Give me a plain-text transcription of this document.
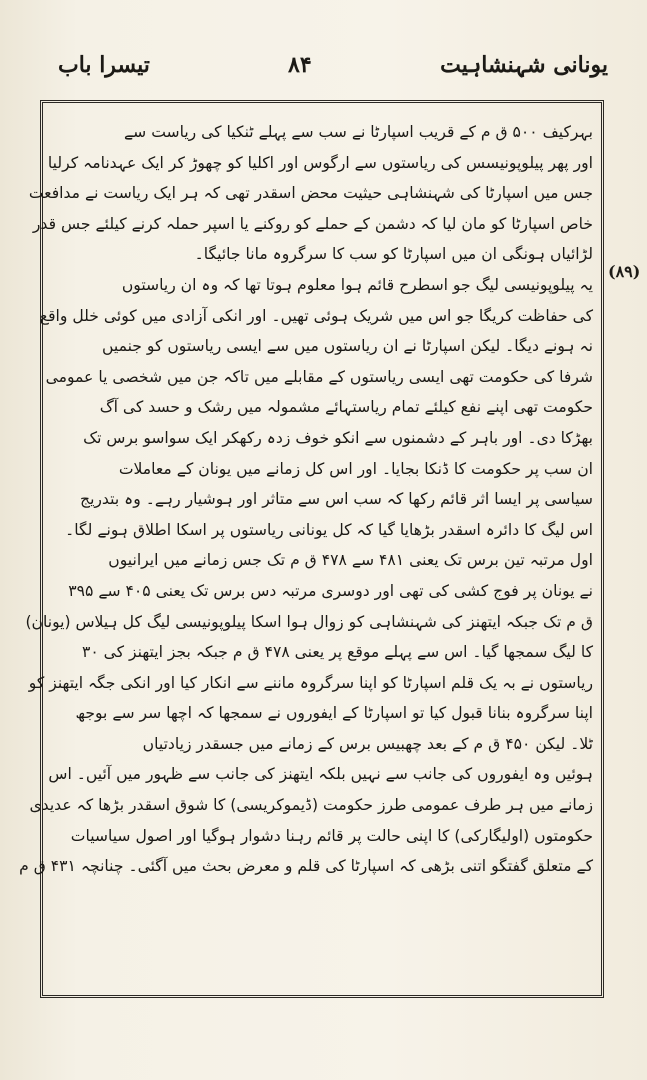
تیسرا باب	۸۴	یونانی شہنشاہیت
بہرکیف ۵۰۰ ق م کے قریب اسپارٹا نے سب سے پہلے ٹنکیا کی ریاست سے
اور پھر پیلوپونیسس کی ریاستوں سے ارگوس اور اکلیا کو چھوڑ کر ایک عہدنامہ کرلیا
جس میں اسپارٹا کی شہنشاہی حیثیت محض اسقدر تھی کہ ہر ایک ریاست نے مدافعت
خاص اسپارٹا کو مان لیا کہ دشمن کے حملے کو روکنے یا اسپر حملہ کرنے کیلئے جس قدر
لڑائیاں ہونگی ان میں اسپارٹا کو سب کا سرگروہ مانا جائیگا۔
یہ پیلوپونیسی لیگ جو اسطرح قائم ہوا معلوم ہوتا تھا کہ وہ ان ریاستوں
کی حفاظت کریگا جو اس میں شریک ہوئی تھیں۔ اور انکی آزادی میں کوئی خلل واقع
نہ ہونے دیگا۔ لیکن اسپارٹا نے ان ریاستوں میں سے ایسی ریاستوں کو جنمیں
شرفا کی حکومت تھی ایسی ریاستوں کے مقابلے میں تاکہ جن میں شخصی یا عمومی
حکومت تھی اپنے نفع کیلئے تمام ریاستہائے مشمولہ میں رشک و حسد کی آگ
بھڑکا دی۔ اور باہر کے دشمنوں سے انکو خوف زدہ رکھکر ایک سواسو برس تک
ان سب پر حکومت کا ڈنکا بجایا۔ اور اس کل زمانے میں یونان کے معاملات
سیاسی پر ایسا اثر قائم رکھا کہ سب اس سے متاثر اور ہوشیار رہے۔ وہ بتدریج
اس لیگ کا دائرہ اسقدر بڑھایا گیا کہ کل یونانی ریاستوں پر اسکا اطلاق ہونے لگا۔
اول مرتبہ تین برس تک یعنی ۴۸۱ سے ۴۷۸ ق م تک جس زمانے میں ایرانیوں
نے یونان پر فوج کشی کی تھی اور دوسری مرتبہ دس برس تک یعنی ۴۰۵ سے ۳۹۵
ق م تک جبکہ ایتھنز کی شہنشاہی کو زوال ہوا اسکا پیلوپونیسی لیگ کل ہیلاس (یونان)
کا لیگ سمجھا گیا۔ اس سے پہلے موقع پر یعنی ۴۷۸ ق م جبکہ بجز ایتھنز کی ۳۰
ریاستوں نے بہ یک قلم اسپارٹا کو اپنا سرگروہ ماننے سے انکار کیا اور انکی جگہ ایتھنز کو
اپنا سرگروہ بنانا قبول کیا تو اسپارٹا کے ایفوروں نے سمجھا کہ اچھا سر سے بوجھ
ٹلا۔ لیکن ۴۵۰ ق م کے بعد چھبیس برس کے زمانے میں جسقدر زیادتیاں
ہوئیں وہ ایفوروں کی جانب سے نہیں بلکہ ایتھنز کی جانب سے ظہور میں آئیں۔ اس
زمانے میں ہر طرف عمومی طرز حکومت (ڈیموکریسی) کا شوق اسقدر بڑھا کہ عدیدی
حکومتوں (اولیگارکی) کا اپنی حالت پر قائم رہنا دشوار ہوگیا اور اصول سیاسیات
کے متعلق گفتگو اتنی بڑھی کہ اسپارٹا کی قلم و معرض بحث میں آگئی۔ چنانچہ ۴۳۱ ق م
(۸۹)
